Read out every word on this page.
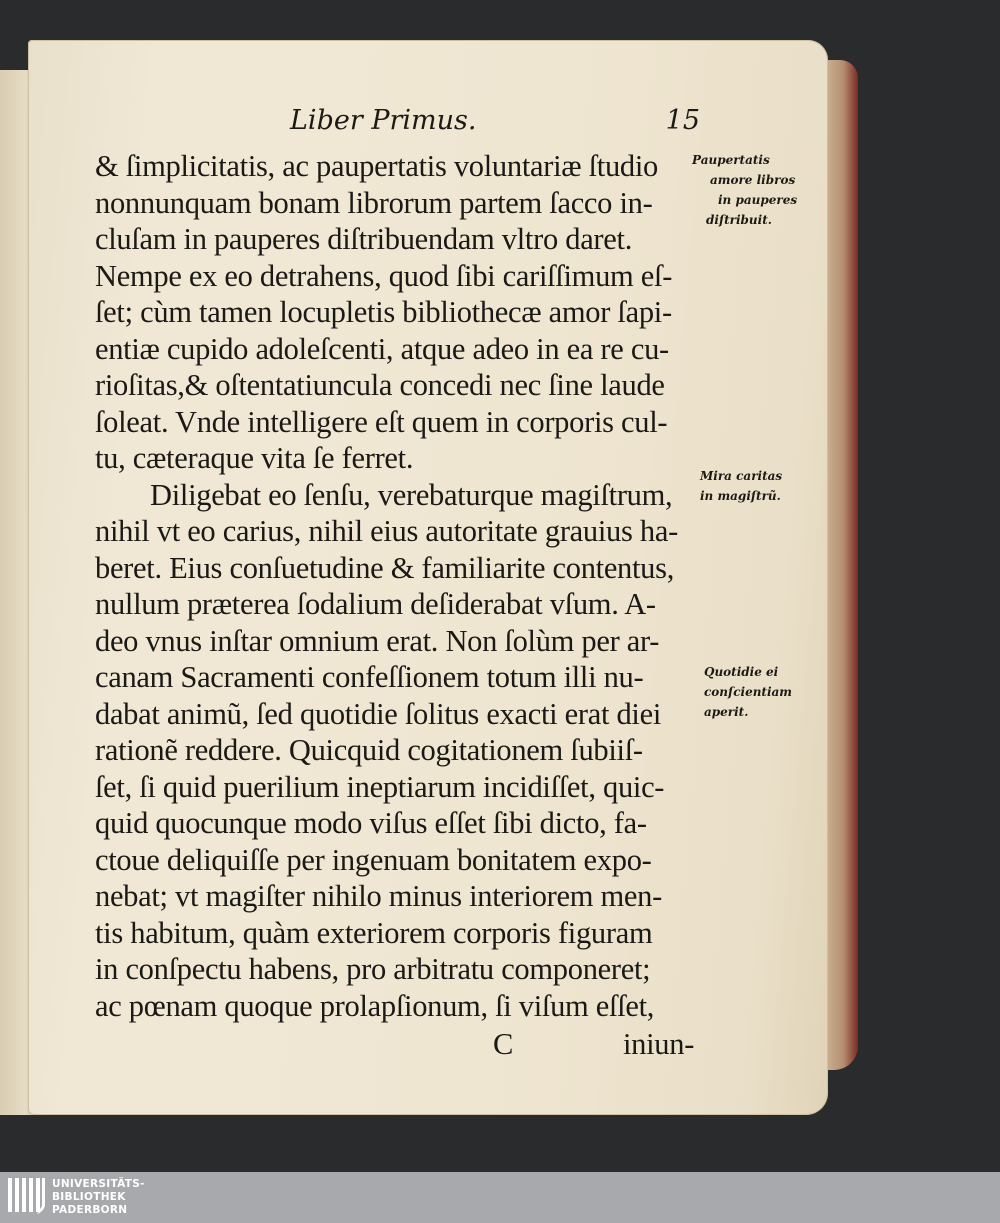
Liber Primus.	15
& ſimplicitatis, ac paupertatis voluntariæ ſtudio
nonnunquam bonam librorum partem ſacco in-
cluſam in pauperes diſtribuendam vltro daret.
Nempe ex eo detrahens, quod ſibi cariſſimum eſ-
ſet; cùm tamen locupletis bibliothecæ amor ſapi-
entiæ cupido adoleſcenti, atque adeo in ea re cu-
rioſitas,& oſtentatiuncula concedi nec ſine laude
ſoleat. Vnde intelligere eſt quem in corporis cul-
tu, cæteraque vita ſe ferret.
Diligebat eo ſenſu, verebaturque magiſtrum,
nihil vt eo carius, nihil eius autoritate grauius ha-
beret. Eius conſuetudine & familiarite contentus,
nullum præterea ſodalium deſiderabat vſum. A-
deo vnus inſtar omnium erat. Non ſolùm per ar-
canam Sacramenti confeſſionem totum illi nu-
dabat animũ, ſed quotidie ſolitus exacti erat diei
rationẽ reddere. Quicquid cogitationem ſubiiſ-
ſet, ſi quid puerilium ineptiarum incidiſſet, quic-
quid quocunque modo viſus eſſet ſibi dicto, fa-
ctoue deliquiſſe per ingenuam bonitatem expo-
nebat; vt magiſter nihilo minus interiorem men-
tis habitum, quàm exteriorem corporis figuram
in conſpectu habens, pro arbitratu componeret;
ac pœnam quoque prolapſionum, ſi viſum eſſet,
C	iniun-
Paupertatis
amore libros
in pauperes
diſtribuit.
Mira caritas
in magiſtrũ.
Quotidie ei
conſcientiam
aperit.
UNIVERSITÄTS-
BIBLIOTHEK
PADERBORN
